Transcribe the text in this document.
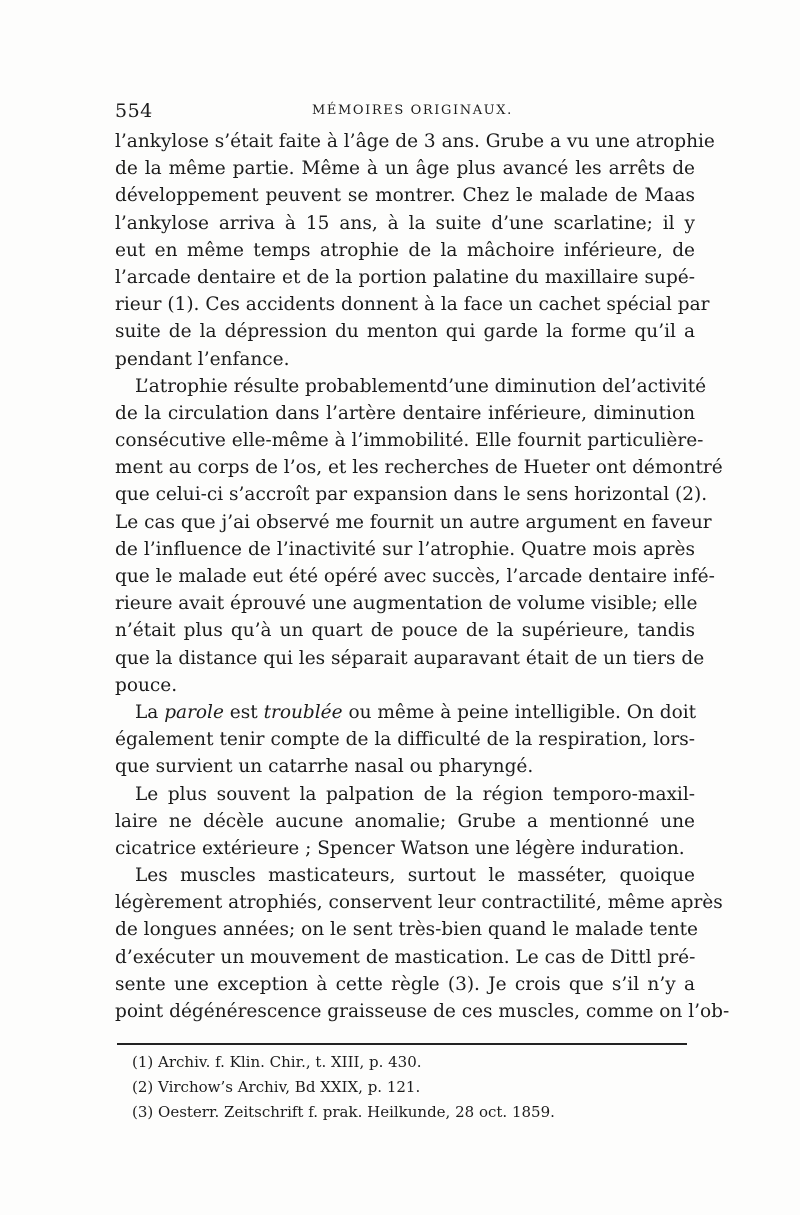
554	MÉMOIRES ORIGINAUX.
l’ankylose s’était faite à l’âge de 3 ans. Grube a vu une atrophie
de la même partie. Même à un âge plus avancé les arrêts de
développement peuvent se montrer. Chez le malade de Maas
l’ankylose arriva à 15 ans, à la suite d’une scarlatine; il y
eut en même temps atrophie de la mâchoire inférieure, de
l’arcade dentaire et de la portion palatine du maxillaire supé-
rieur (1). Ces accidents donnent à la face un cachet spécial par
suite de la dépression du menton qui garde la forme qu’il a
pendant l’enfance.
L’atrophie résulte probablementd’une diminution del’activité
de la circulation dans l’artère dentaire inférieure, diminution
consécutive elle-même à l’immobilité. Elle fournit particulière-
ment au corps de l’os, et les recherches de Hueter ont démontré
que celui-ci s’accroît par expansion dans le sens horizontal (2).
Le cas que j’ai observé me fournit un autre argument en faveur
de l’influence de l’inactivité sur l’atrophie. Quatre mois après
que le malade eut été opéré avec succès, l’arcade dentaire infé-
rieure avait éprouvé une augmentation de volume visible; elle
n’était plus qu’à un quart de pouce de la supérieure, tandis
que la distance qui les séparait auparavant était de un tiers de
pouce.
La parole est troublée ou même à peine intelligible. On doit
également tenir compte de la difficulté de la respiration, lors-
que survient un catarrhe nasal ou pharyngé.
Le plus souvent la palpation de la région temporo-maxil-
laire ne décèle aucune anomalie; Grube a mentionné une
cicatrice extérieure ; Spencer Watson une légère induration.
Les muscles masticateurs, surtout le masséter, quoique
légèrement atrophiés, conservent leur contractilité, même après
de longues années; on le sent très-bien quand le malade tente
d’exécuter un mouvement de mastication. Le cas de Dittl pré-
sente une exception à cette règle (3). Je crois que s’il n’y a
point dégénérescence graisseuse de ces muscles, comme on l’ob-
(1) Archiv. f. Klin. Chir., t. XIII, p. 430.
(2) Virchow’s Archiv, Bd XXIX, p. 121.
(3) Oesterr. Zeitschrift f. prak. Heilkunde, 28 oct. 1859.
